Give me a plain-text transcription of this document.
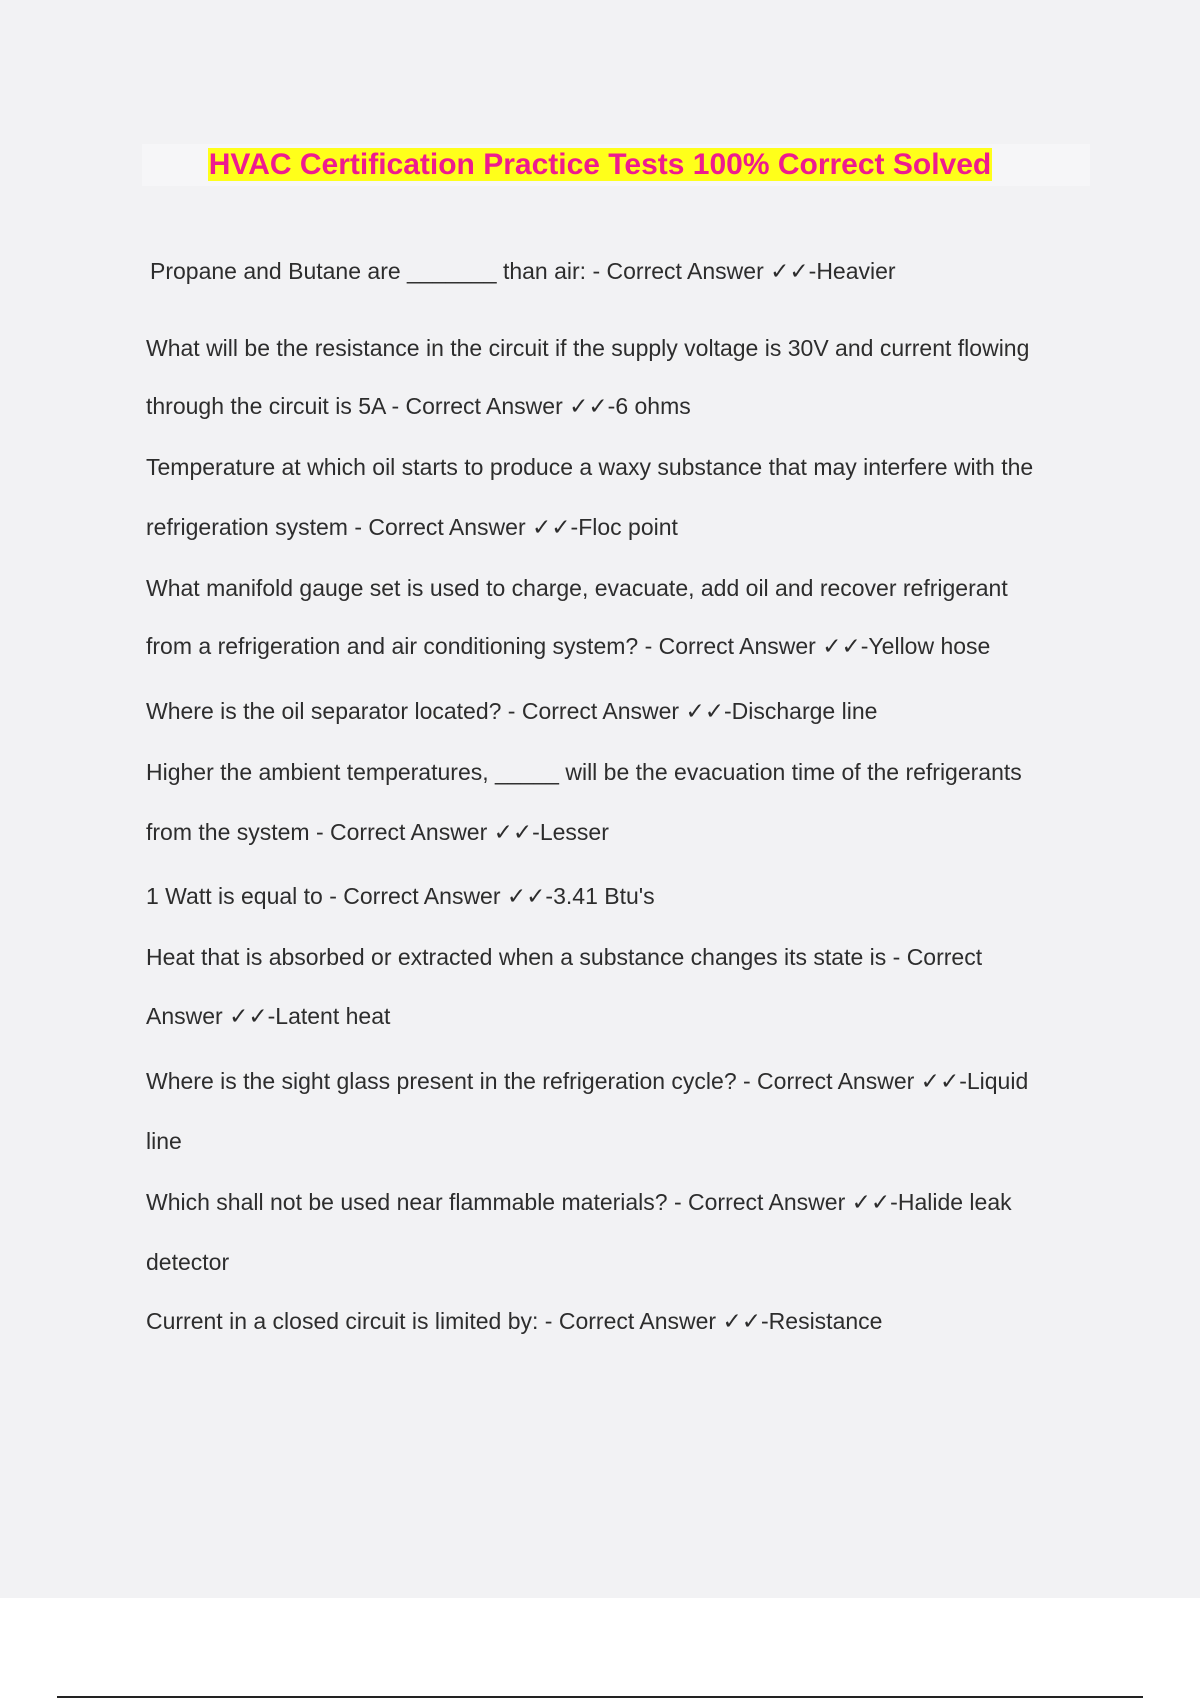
HVAC Certification Practice Tests 100% Correct Solved
Propane and Butane are _______ than air: - Correct Answer ✓✓-Heavier
What will be the resistance in the circuit if the supply voltage is 30V and current flowing
through the circuit is 5A - Correct Answer ✓✓-6 ohms
Temperature at which oil starts to produce a waxy substance that may interfere with the
refrigeration system - Correct Answer ✓✓-Floc point
What manifold gauge set is used to charge, evacuate, add oil and recover refrigerant
from a refrigeration and air conditioning system? - Correct Answer ✓✓-Yellow hose
Where is the oil separator located? - Correct Answer ✓✓-Discharge line
Higher the ambient temperatures, _____ will be the evacuation time of the refrigerants
from the system - Correct Answer ✓✓-Lesser
1 Watt is equal to - Correct Answer ✓✓-3.41 Btu's
Heat that is absorbed or extracted when a substance changes its state is - Correct
Answer ✓✓-Latent heat
Where is the sight glass present in the refrigeration cycle? - Correct Answer ✓✓-Liquid
line
Which shall not be used near flammable materials? - Correct Answer ✓✓-Halide leak
detector
Current in a closed circuit is limited by: - Correct Answer ✓✓-Resistance
